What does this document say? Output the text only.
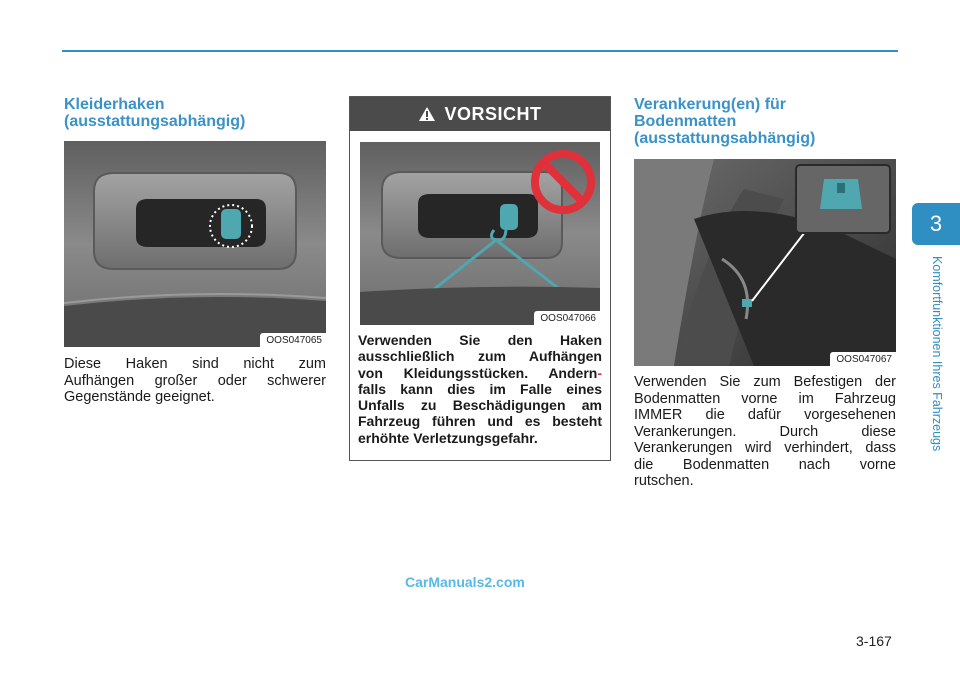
Kleiderhaken
(ausstattungsabhängig)
OOS047065
Diese Haken sind nicht zum
Aufhängen großer oder schwerer
Gegenstände geeignet.
VORSICHT
OOS047066
Verwenden Sie den Haken
ausschließlich zum Aufhängen
von Kleidungsstücken. Andern-
falls kann dies im Falle eines
Unfalls zu Beschädigungen am
Fahrzeug führen und es besteht
erhöhte Verletzungsgefahr.
Verankerung(en) für
Bodenmatten
(ausstattungsabhängig)
OOS047067
Verwenden Sie zum Befestigen der
Bodenmatten vorne im Fahrzeug
IMMER die dafür vorgesehenen
Verankerungen. Durch diese
Verankerungen wird verhindert, dass
die Bodenmatten nach vorne
rutschen.
3
Komfortfunktionen Ihres Fahrzeugs
CarManuals2.com
3-167
